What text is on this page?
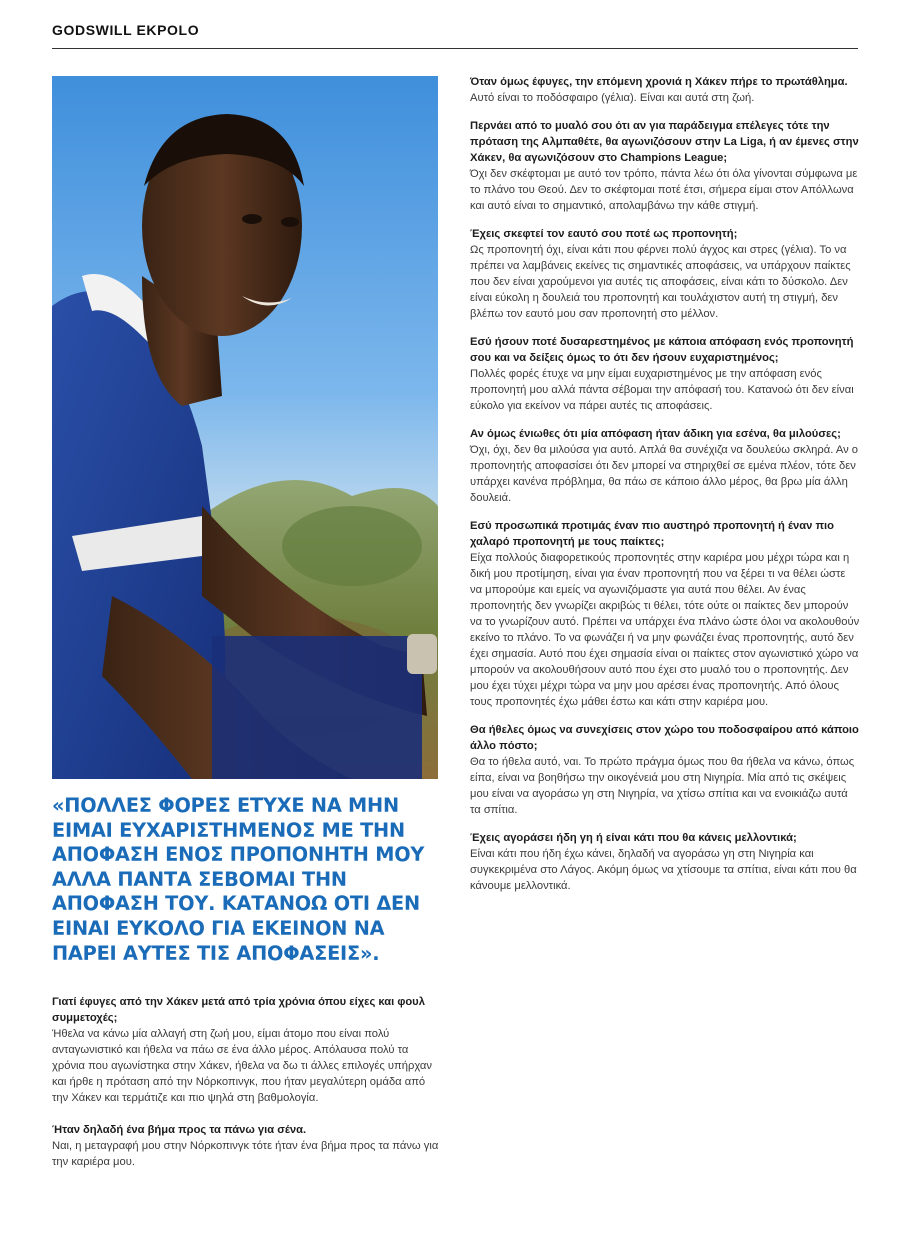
GODSWILL EKPOLO
«ΠΟΛΛΕΣ ΦΟΡΕΣ ΕΤΥΧΕ ΝΑ ΜΗΝ ΕΙΜΑΙ ΕΥΧΑΡΙΣΤΗΜΕΝΟΣ ΜΕ ΤΗΝ ΑΠΟΦΑΣΗ ΕΝΟΣ ΠΡΟΠΟΝΗΤΗ ΜΟΥ ΑΛΛΑ ΠΑΝΤΑ ΣΕΒΟΜΑΙ ΤΗΝ ΑΠΟΦΑΣΗ ΤΟΥ. ΚΑΤΑΝΟΩ ΟΤΙ ΔΕΝ ΕΙΝΑΙ ΕΥΚΟΛΟ ΓΙΑ ΕΚΕΙΝΟΝ ΝΑ ΠΑΡΕΙ ΑΥΤΕΣ ΤΙΣ ΑΠΟΦΑΣΕΙΣ».

Γιατί έφυγες από την Χάκεν μετά από τρία χρόνια όπου είχες και φουλ συμμετοχές;

Ήθελα να κάνω μία αλλαγή στη ζωή μου, είμαι άτομο που είναι πολύ ανταγωνιστικό και ήθελα να πάω σε ένα άλλο μέρος. Απόλαυσα πολύ τα χρόνια που αγωνίστηκα στην Χάκεν, ήθελα να δω τι άλλες επιλογές υπήρχαν και ήρθε η πρόταση από την Νόρκοπινγκ, που ήταν μεγαλύτερη ομάδα από την Χάκεν και τερμάτιζε και πιο ψηλά στη βαθμολογία.

Ήταν δηλαδή ένα βήμα προς τα πάνω για σένα.

Ναι, η μεταγραφή μου στην Νόρκοπινγκ τότε ήταν ένα βήμα προς τα πάνω για την καριέρα μου.

Όταν όμως έφυγες, την επόμενη χρονιά η Χάκεν πήρε το πρωτάθλημα.

Αυτό είναι το ποδόσφαιρο (γέλια). Είναι και αυτά στη ζωή.

Περνάει από το μυαλό σου ότι αν για παράδειγμα επέλεγες τότε την πρόταση της Αλμπαθέτε, θα αγωνιζόσουν στην La Liga, ή αν έμενες στην Χάκεν, θα αγωνιζόσουν στο Champions League;

Όχι δεν σκέφτομαι με αυτό τον τρόπο, πάντα λέω ότι όλα γίνονται σύμφωνα με το πλάνο του Θεού. Δεν το σκέφτομαι ποτέ έτσι, σήμερα είμαι στον Απόλλωνα και αυτό είναι το σημαντικό, απολαμβάνω την κάθε στιγμή.

Έχεις σκεφτεί τον εαυτό σου ποτέ ως προπονητή;

Ως προπονητή όχι, είναι κάτι που φέρνει πολύ άγχος και στρες (γέλια). Το να πρέπει να λαμβάνεις εκείνες τις σημαντικές αποφάσεις, να υπάρχουν παίκτες που δεν είναι χαρούμενοι για αυτές τις αποφάσεις, είναι κάτι το δύσκολο. Δεν είναι εύκολη η δουλειά του προπονητή και τουλάχιστον αυτή τη στιγμή, δεν βλέπω τον εαυτό μου σαν προπονητή στο μέλλον.

Εσύ ήσουν ποτέ δυσαρεστημένος με κάποια απόφαση ενός προπονητή σου και να δείξεις όμως το ότι δεν ήσουν ευχαριστημένος;

Πολλές φορές έτυχε να μην είμαι ευχαριστημένος με την απόφαση ενός προπονητή μου αλλά πάντα σέβομαι την απόφασή του. Κατανοώ ότι δεν είναι εύκολο για εκείνον να πάρει αυτές τις αποφάσεις.

Αν όμως ένιωθες ότι μία απόφαση ήταν άδικη για εσένα, θα μιλούσες;

Όχι, όχι, δεν θα μιλούσα για αυτό. Απλά θα συνέχιζα να δουλεύω σκληρά. Αν ο προπονητής αποφασίσει ότι δεν μπορεί να στηριχθεί σε εμένα πλέον, τότε δεν υπάρχει κανένα πρόβλημα, θα πάω σε κάποιο άλλο μέρος, θα βρω μία άλλη δουλειά.

Εσύ προσωπικά προτιμάς έναν πιο αυστηρό προπονητή ή έναν πιο χαλαρό προπονητή με τους παίκτες;

Είχα πολλούς διαφορετικούς προπονητές στην καριέρα μου μέχρι τώρα και η δική μου προτίμηση, είναι για έναν προπονητή που να ξέρει τι να θέλει ώστε να μπορούμε και εμείς να αγωνιζόμαστε για αυτά που θέλει. Αν ένας προπονητής δεν γνωρίζει ακριβώς τι θέλει, τότε ούτε οι παίκτες δεν μπορούν να το γνωρίζουν αυτό. Πρέπει να υπάρχει ένα πλάνο ώστε όλοι να ακολουθούν εκείνο το πλάνο. Το να φωνάζει ή να μην φωνάζει ένας προπονητής, αυτό δεν έχει σημασία. Αυτό που έχει σημασία είναι οι παίκτες στον αγωνιστικό χώρο να μπορούν να ακολουθήσουν αυτό που έχει στο μυαλό του ο προπονητής. Δεν μου έχει τύχει μέχρι τώρα να μην μου αρέσει ένας προπονητής. Από όλους τους προπονητές έχω μάθει έστω και κάτι στην καριέρα μου.

Θα ήθελες όμως να συνεχίσεις στον χώρο του ποδοσφαίρου από κάποιο άλλο πόστο;

Θα το ήθελα αυτό, ναι. Το πρώτο πράγμα όμως που θα ήθελα να κάνω, όπως είπα, είναι να βοηθήσω την οικογένειά μου στη Νιγηρία. Μία από τις σκέψεις μου είναι να αγοράσω γη στη Νιγηρία, να χτίσω σπίτια και να ενοικιάζω αυτά τα σπίτια.

Έχεις αγοράσει ήδη γη ή είναι κάτι που θα κάνεις μελλοντικά;

Είναι κάτι που ήδη έχω κάνει, δηλαδή να αγοράσω γη στη Νιγηρία και συγκεκριμένα στο Λάγος. Ακόμη όμως να χτίσουμε τα σπίτια, είναι κάτι που θα κάνουμε μελλοντικά.
